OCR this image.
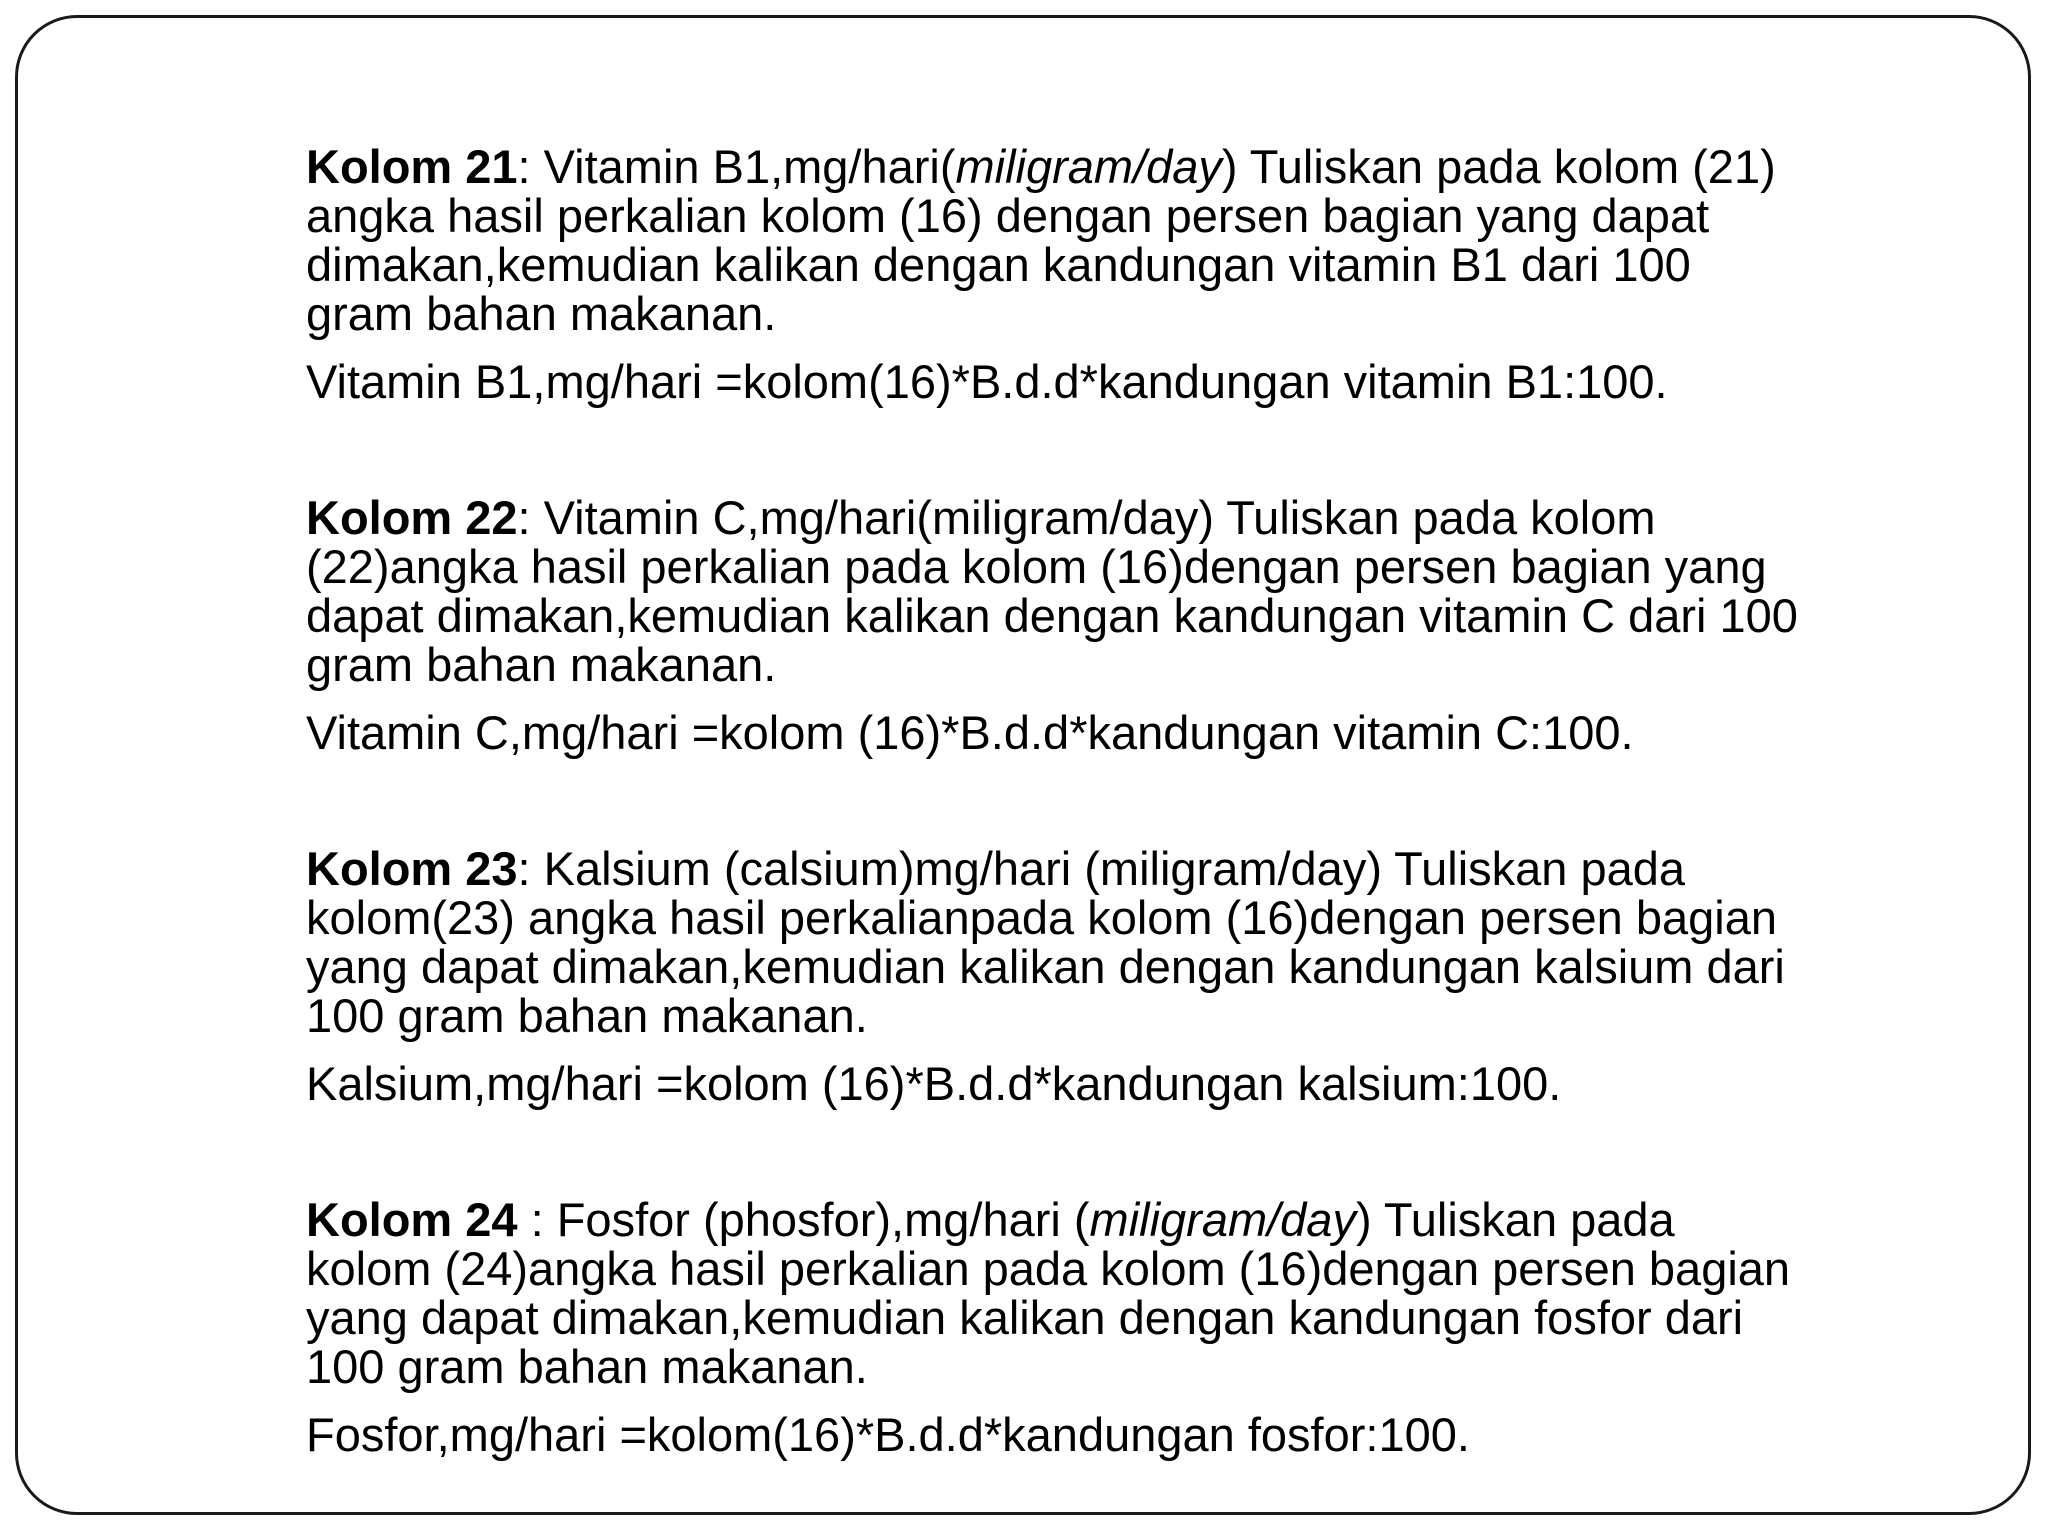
Kolom 21: Vitamin B1,mg/hari(miligram/day) Tuliskan pada kolom (21)
angka hasil perkalian kolom (16) dengan persen bagian yang dapat
dimakan,kemudian kalikan dengan kandungan vitamin B1 dari 100
gram bahan makanan.

Vitamin B1,mg/hari =kolom(16)*B.d.d*kandungan vitamin B1:100.

Kolom 22: Vitamin C,mg/hari(miligram/day) Tuliskan pada kolom
(22)angka hasil perkalian pada kolom (16)dengan persen bagian yang
dapat dimakan,kemudian kalikan dengan kandungan vitamin C dari 100
gram bahan makanan.

Vitamin C,mg/hari =kolom (16)*B.d.d*kandungan vitamin C:100.

Kolom 23: Kalsium (calsium)mg/hari (miligram/day) Tuliskan pada
kolom(23) angka hasil perkalianpada kolom (16)dengan persen bagian
yang dapat dimakan,kemudian kalikan dengan kandungan kalsium dari
100 gram bahan makanan.

Kalsium,mg/hari =kolom (16)*B.d.d*kandungan kalsium:100.

Kolom 24 : Fosfor (phosfor),mg/hari (miligram/day) Tuliskan pada
kolom (24)angka hasil perkalian pada kolom (16)dengan persen bagian
yang dapat dimakan,kemudian kalikan dengan kandungan fosfor dari
100 gram bahan makanan.

Fosfor,mg/hari =kolom(16)*B.d.d*kandungan fosfor:100.
